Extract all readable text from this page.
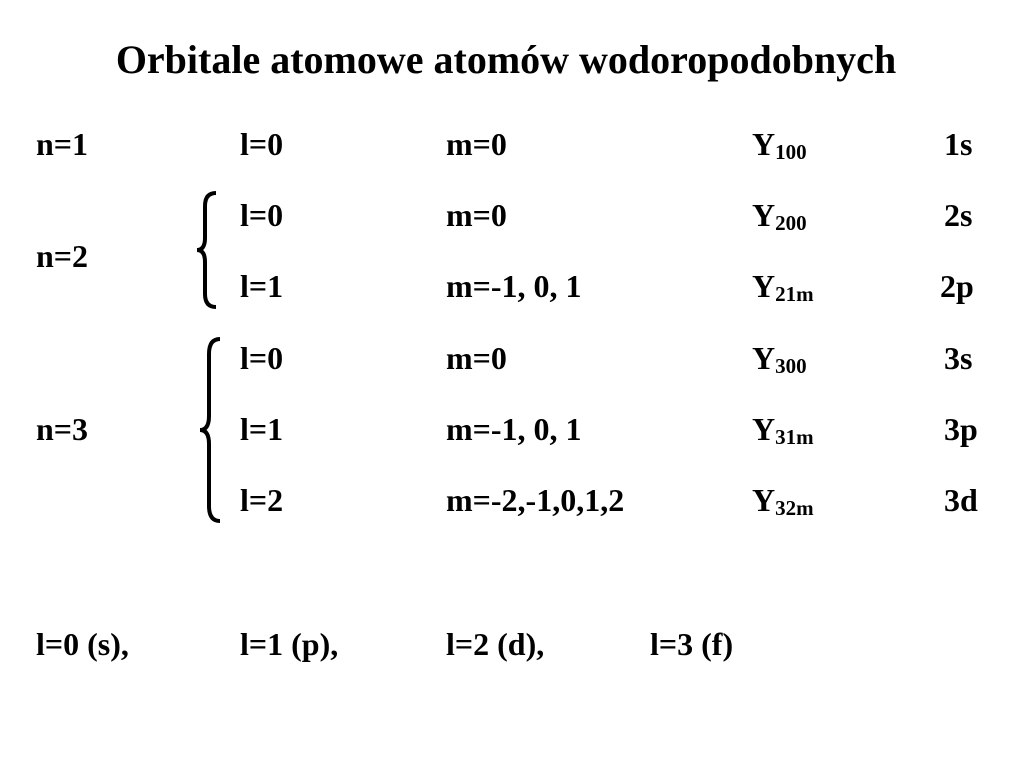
Orbitale atomowe atomów wodoropodobnych
n=1	l=0	m=0	$Y_{100}$	1s
n=2
l=0	m=0	$Y_{200}$	2s
l=1	m=-1, 0, 1	$Y_{21m}$	2p
n=3
l=0	m=0	$Y_{300}$	3s
l=1	m=-1, 0, 1	$Y_{31m}$	3p
l=2	m=-2,-1,0,1,2	$Y_{32m}$	3d
l=0 (s),	l=1 (p),	l=2 (d),	l=3 (f)
